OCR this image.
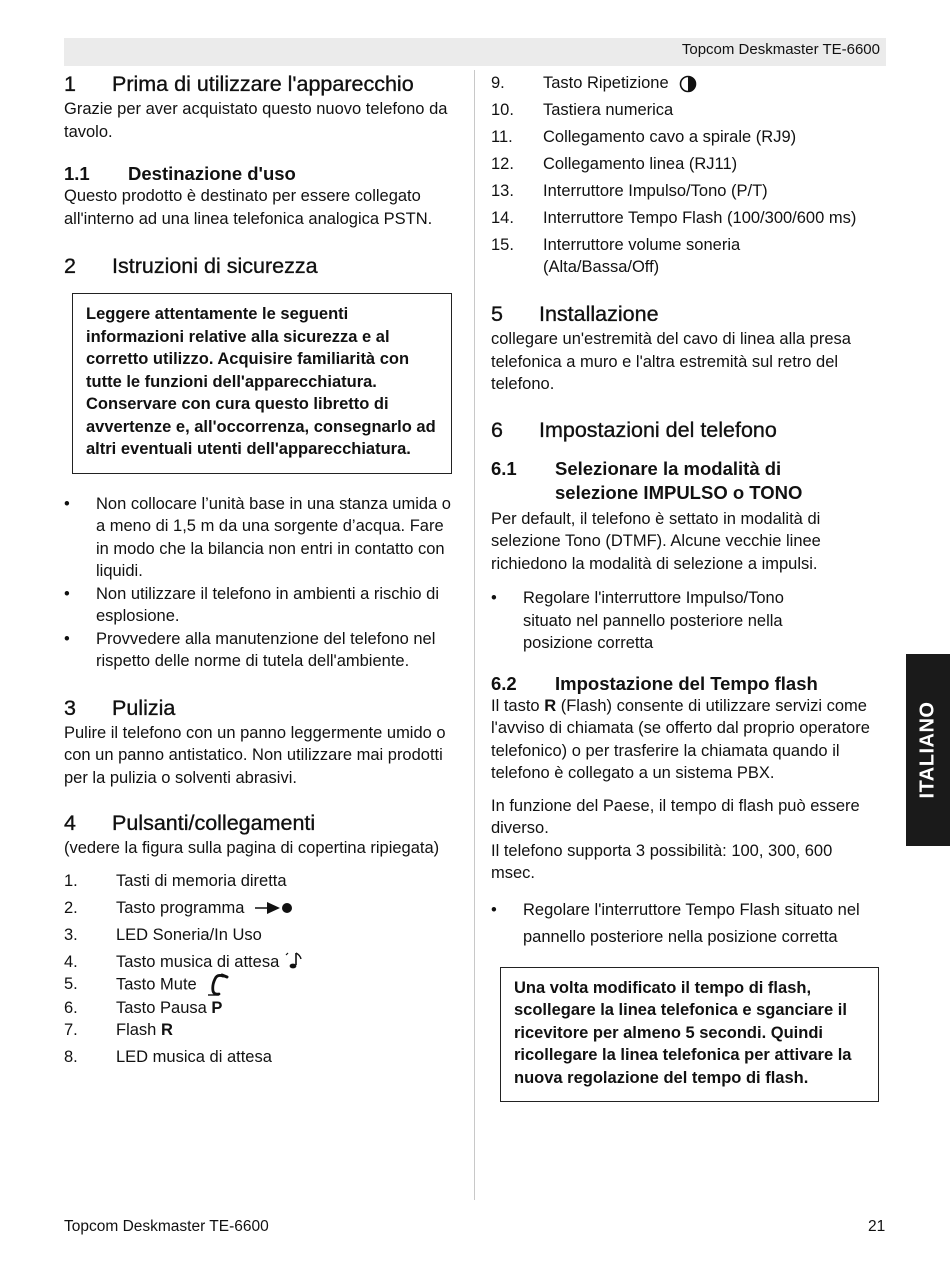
Topcom Deskmaster TE-6600
1 Prima di utilizzare l'apparecchio

Grazie per aver acquistato questo nuovo telefono da tavolo.

1.1 Destinazione d'uso

Questo prodotto è destinato per essere collegato all'interno ad una linea telefonica analogica PSTN.

2 Istruzioni di sicurezza
Leggere attentamente le seguenti informazioni relative alla sicurezza e al corretto utilizzo. Acquisire familiarità con tutte le funzioni dell'apparecchiatura. Conservare con cura questo libretto di avvertenze e, all'occorrenza, consegnarlo ad altri eventuali utenti dell'apparecchiatura.
• Non collocare l’unità base in una stanza umida o a meno di 1,5 m da una sorgente d’acqua. Fare in modo che la bilancia non entri in contatto con liquidi.
• Non utilizzare il telefono in ambienti a rischio di esplosione.
• Provvedere alla manutenzione del telefono nel rispetto delle norme di tutela dell'ambiente.
3 Pulizia

Pulire il telefono con un panno leggermente umido o con un panno antistatico. Non utilizzare mai prodotti per la pulizia o solventi abrasivi.

4 Pulsanti/collegamenti

(vedere la figura sulla pagina di copertina ripiegata)

1. Tasti di memoria diretta
2. Tasto programma
3. LED Soneria/In Uso
4. Tasto musica di attesa
5. Tasto Mute
6. Tasto Pausa P
7. Flash R
8. LED musica di attesa
9. Tasto Ripetizione
10. Tastiera numerica
11. Collegamento cavo a spirale (RJ9)
12. Collegamento linea (RJ11)
13. Interruttore Impulso/Tono (P/T)
14. Interruttore Tempo Flash (100/300/600 ms)
15. Interruttore volume soneria (Alta/Bassa/Off)
5 Installazione

collegare un'estremità del cavo di linea alla presa telefonica a muro e l'altra estremità sul retro del telefono.

6 Impostazioni del telefono
6.1 Selezionare la modalità di selezione IMPULSO o TONO

Per default, il telefono è settato in modalità di selezione Tono (DTMF). Alcune vecchie linee richiedono la modalità di selezione a impulsi.

• Regolare l'interruttore Impulso/Tono situato nel pannello posteriore nella posizione corretta
6.2 Impostazione del Tempo flash

Il tasto R (Flash) consente di utilizzare servizi come l'avviso di chiamata (se offerto dal proprio operatore telefonico) o per trasferire la chiamata quando il telefono è collegato a un sistema PBX.

In funzione del Paese, il tempo di flash può essere diverso.

Il telefono supporta 3 possibilità: 100, 300, 600 msec.

• Regolare l'interruttore Tempo Flash situato nel pannello posteriore nella posizione corretta
Una volta modificato il tempo di flash, scollegare la linea telefonica e sganciare il ricevitore per almeno 5 secondi. Quindi ricollegare la linea telefonica per attivare la nuova regolazione del tempo di flash.
ITALIANO
Topcom Deskmaster TE-6600	21
